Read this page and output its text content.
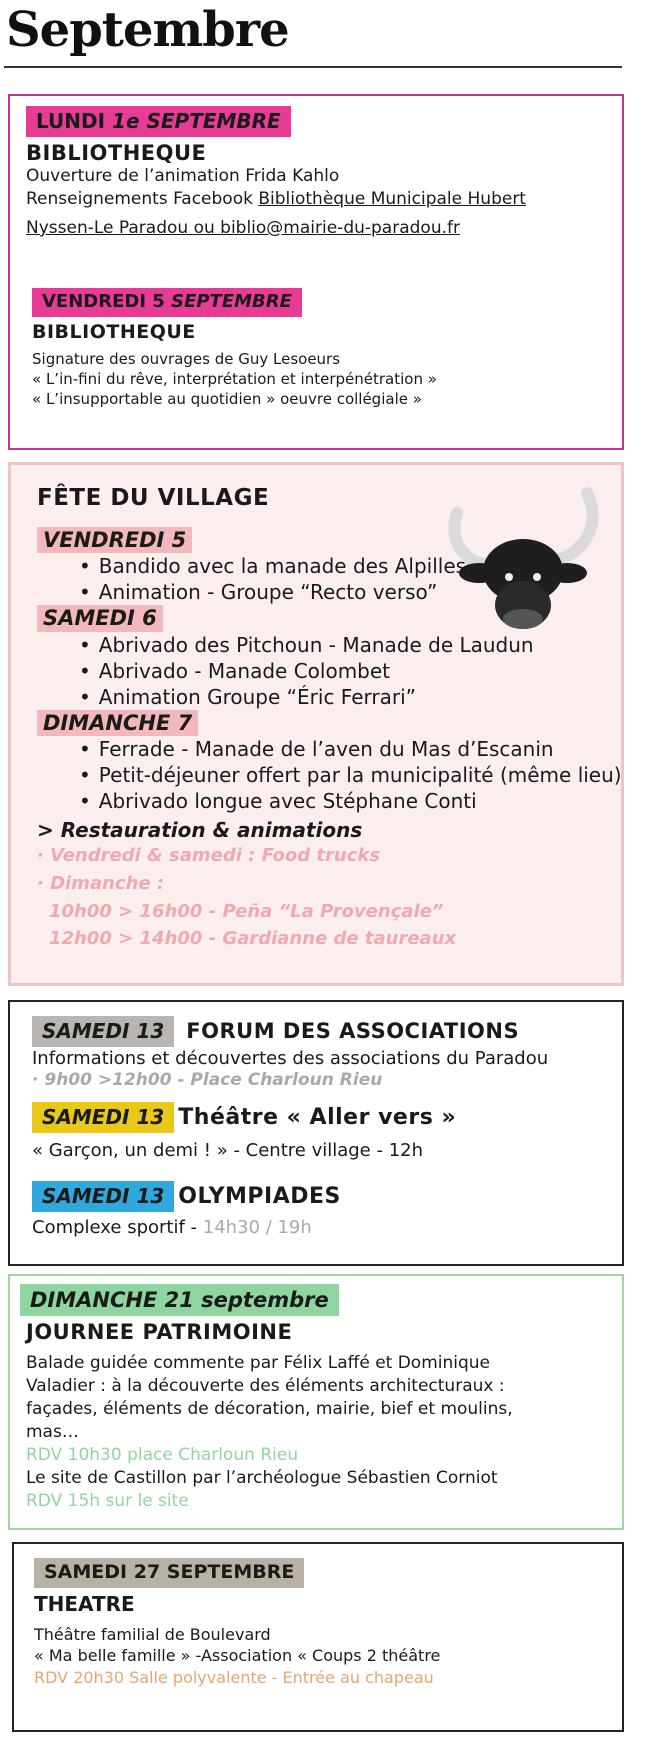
Septembre
LUNDI 1e SEPTEMBRE
BIBLIOTHEQUE
Ouverture de l’animation Frida Kahlo
Renseignements Facebook Bibliothèque Municipale Hubert
Nyssen-Le Paradou ou biblio@mairie-du-paradou.fr
VENDREDI 5 SEPTEMBRE
BIBLIOTHEQUE
Signature des ouvrages de Guy Lesoeurs
« L’in-fini du rêve, interprétation et interpénétration »
« L’insupportable au quotidien » oeuvre collégiale »
FÊTE DU VILLAGE
VENDREDI 5
• Bandido avec la manade des Alpilles
• Animation - Groupe “Recto verso”
SAMEDI 6
• Abrivado des Pitchoun - Manade de Laudun
• Abrivado - Manade Colombet
• Animation Groupe “Éric Ferrari”
DIMANCHE 7
• Ferrade - Manade de l’aven du Mas d’Escanin
• Petit-déjeuner offert par la municipalité (même lieu)
• Abrivado longue avec Stéphane Conti
> Restauration & animations
· Vendredi & samedi : Food trucks
· Dimanche :
10h00 > 16h00 - Peña “La Provençale”
12h00 > 14h00 - Gardianne de taureaux
SAMEDI 13 FORUM DES ASSOCIATIONS
Informations et découvertes des associations du Paradou
· 9h00 >12h00 - Place Charloun Rieu
SAMEDI 13 Théâtre « Aller vers »
« Garçon, un demi ! » - Centre village - 12h
SAMEDI 13 OLYMPIADES
Complexe sportif - 14h30 / 19h
DIMANCHE 21 septembre
JOURNEE PATRIMOINE
Balade guidée commente par Félix Laffé et Dominique
Valadier : à la découverte des éléments architecturaux :
façades, éléments de décoration, mairie, bief et moulins,
mas…
RDV 10h30 place Charloun Rieu
Le site de Castillon par l’archéologue Sébastien Corniot
RDV 15h sur le site
SAMEDI 27 SEPTEMBRE
THEATRE
Théâtre familial de Boulevard
« Ma belle famille » -Association « Coups 2 théâtre
RDV 20h30 Salle polyvalente - Entrée au chapeau
